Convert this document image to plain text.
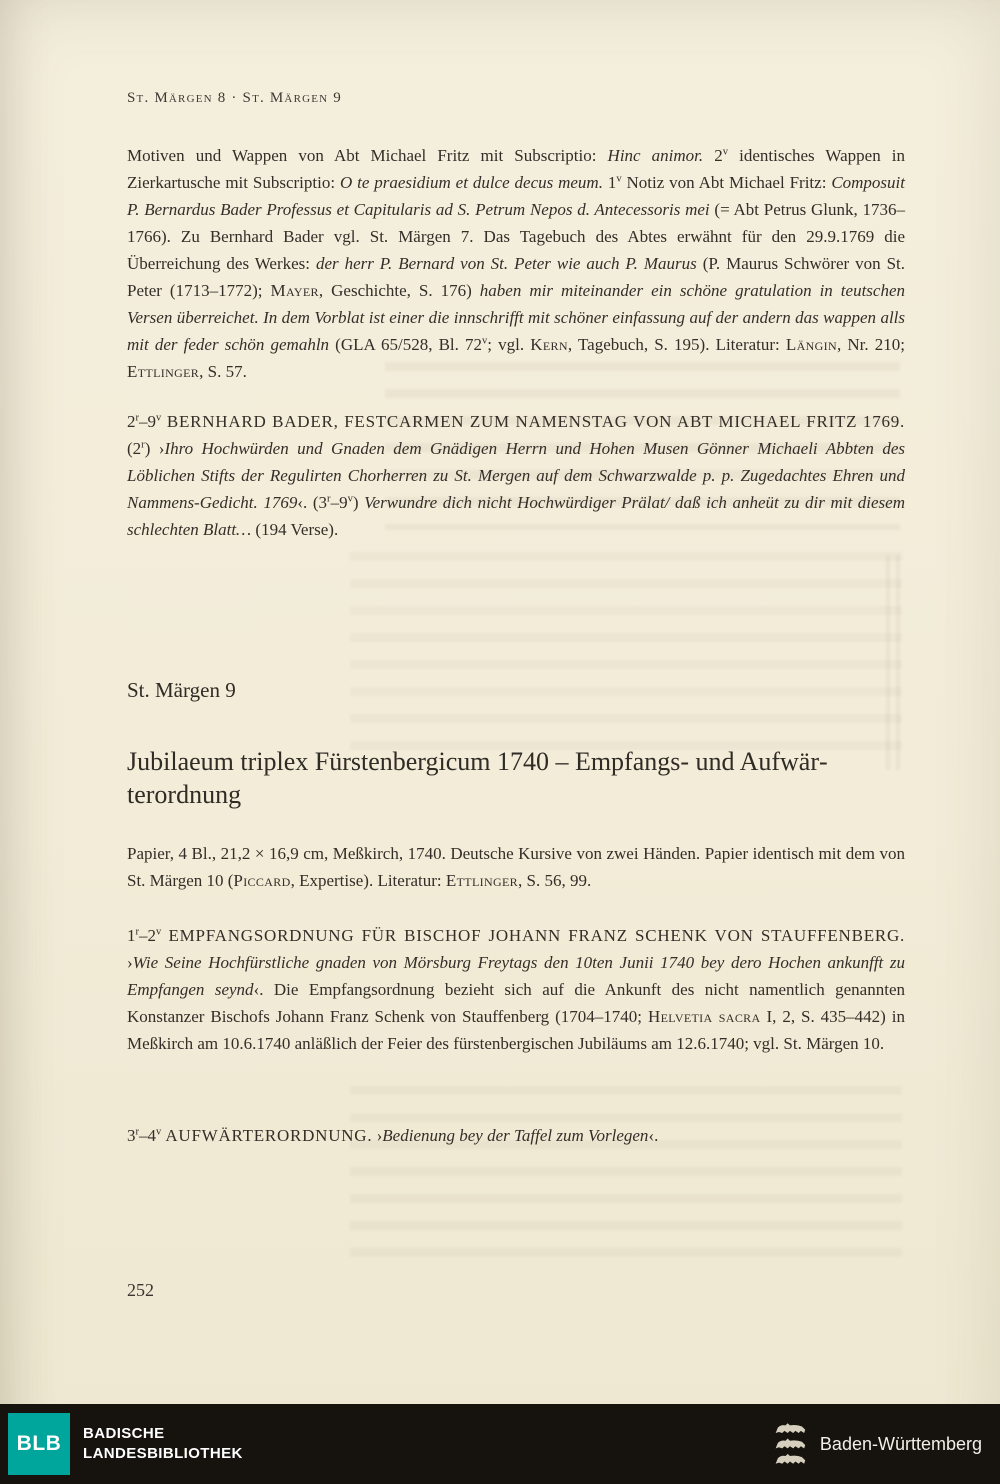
St. Märgen 8 · St. Märgen 9

Motiven und Wappen von Abt Michael Fritz mit Subscriptio: Hinc animor. 2$^v$ identisches Wappen in Zierkartusche mit Subscriptio: O te praesidium et dulce decus meum. 1$^v$ Notiz von Abt Michael Fritz: Composuit P. Bernardus Bader Professus et Capitularis ad S. Petrum Nepos d. Antecessoris mei (= Abt Petrus Glunk, 1736–1766). Zu Bernhard Bader vgl. St. Märgen 7. Das Tagebuch des Abtes erwähnt für den 29.9.1769 die Überreichung des Werkes: der herr P. Bernard von St. Peter wie auch P. Maurus (P. Maurus Schwörer von St. Peter (1713–1772); Mayer, Geschichte, S. 176) haben mir miteinander ein schöne gratulation in teutschen Versen überreichet. In dem Vorblat ist einer die innschrifft mit schöner einfassung auf der andern das wappen alls mit der feder schön gemahln (GLA 65/528, Bl. 72$^v$; vgl. Kern, Tagebuch, S. 195). Literatur: Längin, Nr. 210; Ettlinger, S. 57.

2$^r$–9$^v$ BERNHARD BADER, FESTCARMEN ZUM NAMENSTAG VON ABT MICHAEL FRITZ 1769. (2$^r$) ›Ihro Hochwürden und Gnaden dem Gnädigen Herrn und Hohen Musen Gönner Michaeli Abbten des Löblichen Stifts der Regulirten Chorherren zu St. Mergen auf dem Schwarzwalde p. p. Zugedachtes Ehren und Nammens-Gedicht. 1769‹. (3$^r$–9$^v$) Verwundre dich nicht Hochwürdiger Prälat/ daß ich anheüt zu dir mit diesem schlechten Blatt… (194 Verse).

St. Märgen 9
Jubilaeum triplex Fürstenbergicum 1740 – Empfangs- und Aufwärterordnung

Papier, 4 Bl., 21,2 × 16,9 cm, Meßkirch, 1740. Deutsche Kursive von zwei Händen. Papier identisch mit dem von St. Märgen 10 (Piccard, Expertise). Literatur: Ettlinger, S. 56, 99.

1$^r$–2$^v$ EMPFANGSORDNUNG FÜR BISCHOF JOHANN FRANZ SCHENK VON STAUFFENBERG. ›Wie Seine Hochfürstliche gnaden von Mörsburg Freytags den 10ten Junii 1740 bey dero Hochen ankunfft zu Empfangen seynd‹. Die Empfangsordnung bezieht sich auf die Ankunft des nicht namentlich genannten Konstanzer Bischofs Johann Franz Schenk von Stauffenberg (1704–1740; Helvetia sacra I, 2, S. 435–442) in Meßkirch am 10.6.1740 anläßlich der Feier des fürstenbergischen Jubiläums am 12.6.1740; vgl. St. Märgen 10.

3$^r$–4$^v$ AUFWÄRTERORDNUNG. ›Bedienung bey der Taffel zum Vorlegen‹.

252
BLB BADISCHE
LANDESBIBLIOTHEK	Baden-Württemberg
